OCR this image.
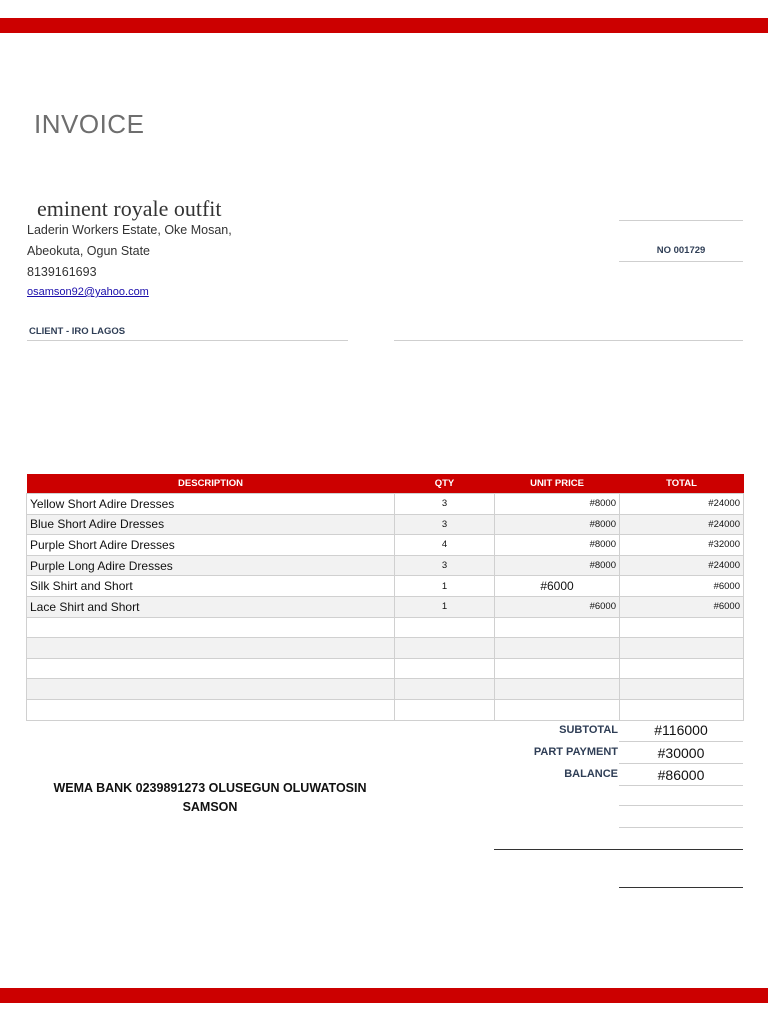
INVOICE
eminent royale outfit
Laderin Workers Estate, Oke Mosan,
Abeokuta, Ogun State
8139161693
osamson92@yahoo.com
CLIENT - IRO LAGOS
NO 001729
DESCRIPTION	QTY	UNIT PRICE	TOTAL
Yellow Short Adire Dresses	3	#8000	#24000
Blue Short Adire Dresses	3	#8000	#24000
Purple Short Adire Dresses	4	#8000	#32000
Purple Long Adire Dresses	3	#8000	#24000
Silk Shirt and Short	1	#6000	#6000
Lace Shirt and Short	1	#6000	#6000

SUBTOTAL	#116000
PART PAYMENT	#30000
BALANCE	#86000
WEMA BANK 0239891273 OLUSEGUN OLUWATOSIN
SAMSON
